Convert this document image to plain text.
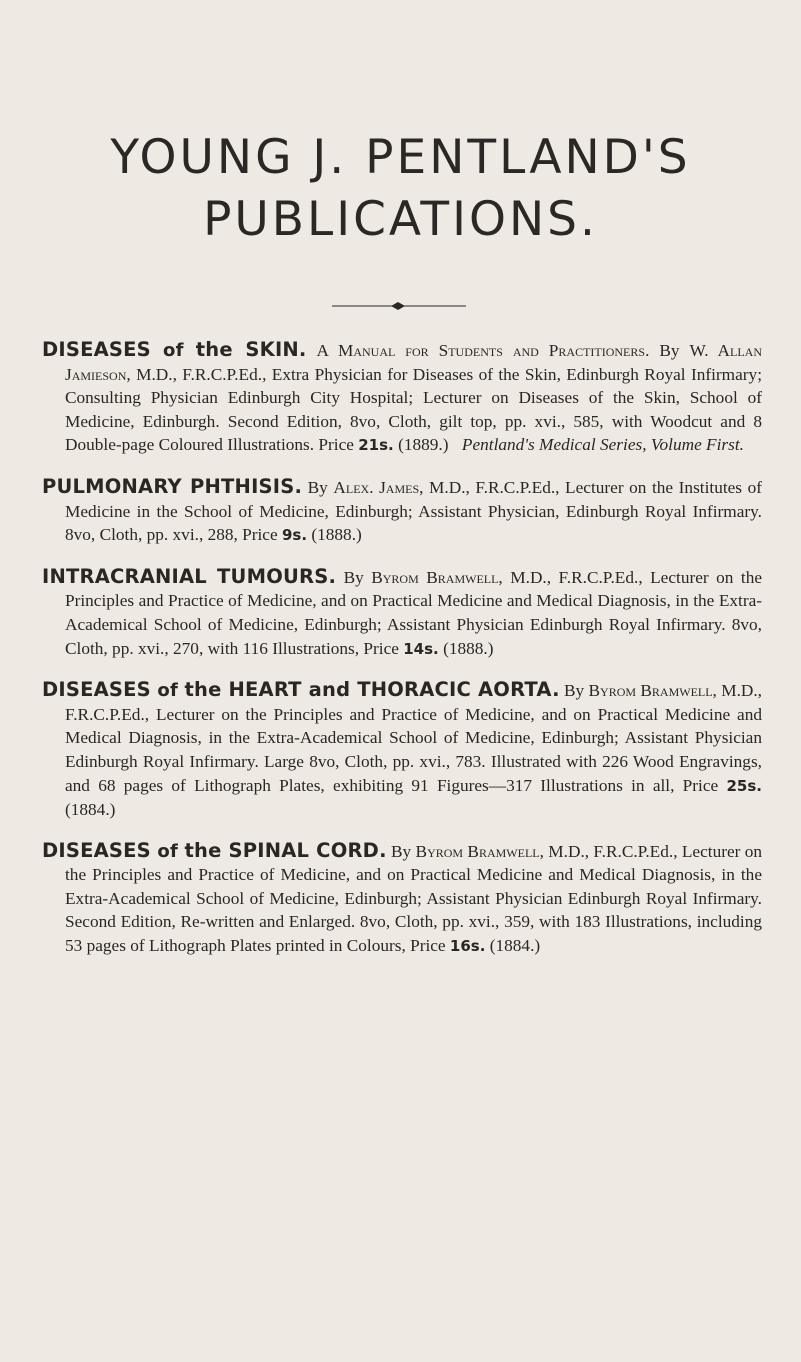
YOUNG J. PENTLAND'S
PUBLICATIONS.

DISEASES of the SKIN. A Manual for Students and Practitioners. By W. Allan Jamieson, M.D., F.R.C.P.Ed., Extra Physician for Diseases of the Skin, Edinburgh Royal Infirmary; Consulting Physician Edinburgh City Hospital; Lecturer on Diseases of the Skin, School of Medicine, Edinburgh. Second Edition, 8vo, Cloth, gilt top, pp. xvi., 585, with Woodcut and 8 Double-page Coloured Illustrations. Price 21s. (1889.) Pentland's Medical Series, Volume First.

PULMONARY PHTHISIS. By Alex. James, M.D., F.R.C.P.Ed., Lecturer on the Institutes of Medicine in the School of Medicine, Edinburgh; Assistant Physician, Edinburgh Royal Infirmary. 8vo, Cloth, pp. xvi., 288, Price 9s. (1888.)

INTRACRANIAL TUMOURS. By Byrom Bramwell, M.D., F.R.C.P.Ed., Lecturer on the Principles and Practice of Medicine, and on Practical Medicine and Medical Diagnosis, in the Extra-Academical School of Medicine, Edinburgh; Assistant Physician Edinburgh Royal Infirmary. 8vo, Cloth, pp. xvi., 270, with 116 Illustrations, Price 14s. (1888.)

DISEASES of the HEART and THORACIC AORTA. By Byrom Bramwell, M.D., F.R.C.P.Ed., Lecturer on the Principles and Practice of Medicine, and on Practical Medicine and Medical Diagnosis, in the Extra-Academical School of Medicine, Edinburgh; Assistant Physician Edinburgh Royal Infirmary. Large 8vo, Cloth, pp. xvi., 783. Illustrated with 226 Wood Engravings, and 68 pages of Lithograph Plates, exhibiting 91 Figures—317 Illustrations in all, Price 25s. (1884.)

DISEASES of the SPINAL CORD. By Byrom Bramwell, M.D., F.R.C.P.Ed., Lecturer on the Principles and Practice of Medicine, and on Practical Medicine and Medical Diagnosis, in the Extra-Academical School of Medicine, Edinburgh; Assistant Physician Edinburgh Royal Infirmary. Second Edition, Re-written and Enlarged. 8vo, Cloth, pp. xvi., 359, with 183 Illustrations, including 53 pages of Lithograph Plates printed in Colours, Price 16s. (1884.)
